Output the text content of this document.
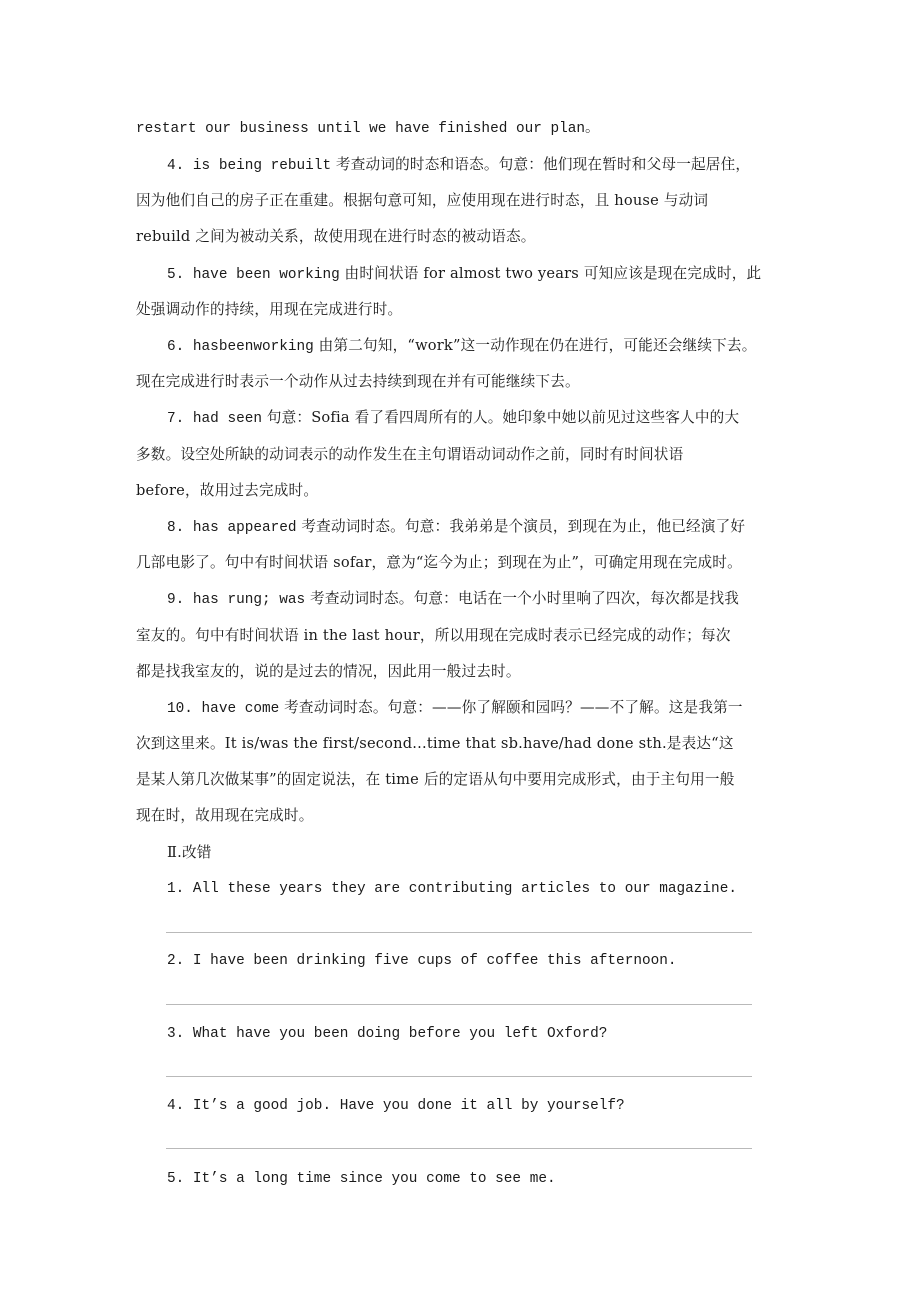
restart our business until we have finished our plan。
4. is being rebuilt 考查动词的时态和语态。句意：他们现在暂时和父母一起居住，
因为他们自己的房子正在重建。根据句意可知，应使用现在进行时态，且 house 与动词
rebuild 之间为被动关系，故使用现在进行时态的被动语态。
5. have been working 由时间状语 for almost two years 可知应该是现在完成时，此
处强调动作的持续，用现在完成进行时。
6. hasbeenworking 由第二句知，“work”这一动作现在仍在进行，可能还会继续下去。
现在完成进行时表示一个动作从过去持续到现在并有可能继续下去。
7. had seen 句意：Sofia 看了看四周所有的人。她印象中她以前见过这些客人中的大
多数。设空处所缺的动词表示的动作发生在主句谓语动词动作之前，同时有时间状语
before，故用过去完成时。
8. has appeared 考查动词时态。句意：我弟弟是个演员，到现在为止，他已经演了好
几部电影了。句中有时间状语 sofar，意为“迄今为止；到现在为止”，可确定用现在完成时。
9. has rung; was 考查动词时态。句意：电话在一个小时里响了四次，每次都是找我
室友的。句中有时间状语 in the last hour，所以用现在完成时表示已经完成的动作；每次
都是找我室友的，说的是过去的情况，因此用一般过去时。
10. have come 考查动词时态。句意：——你了解颐和园吗？——不了解。这是我第一
次到这里来。It is/was the first/second...time that sb.have/had done sth.是表达“这
是某人第几次做某事”的固定说法，在 time 后的定语从句中要用完成形式，由于主句用一般
现在时，故用现在完成时。
Ⅱ.改错
1. All these years they are contributing articles to our magazine.
2. I have been drinking five cups of coffee this afternoon.
3. What have you been doing before you left Oxford?
4. It’s a good job. Have you done it all by yourself?
5. It’s a long time since you come to see me.
